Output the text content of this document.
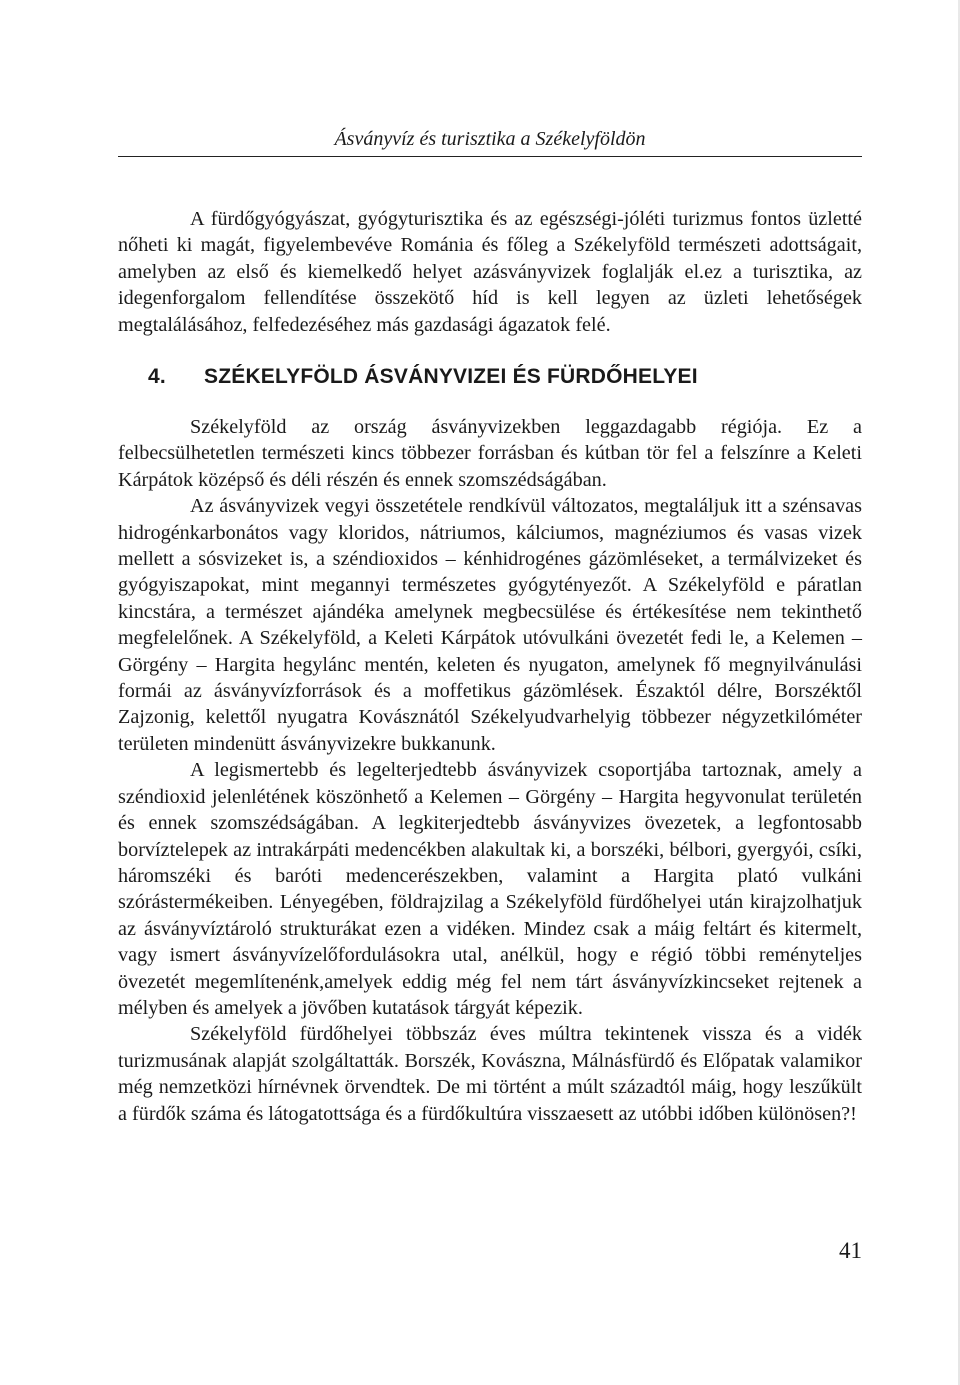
Ásványvíz és turisztika a Székelyföldön

A fürdőgyógyászat, gyógyturisztika és az egészségi-jóléti turizmus fontos üzletté nőheti ki magát, figyelembevéve Románia és főleg a Székelyföld természeti adottságait, amelyben az első és kiemelkedő helyet azásványvizek foglalják el.ez a turisztika, az idegenforgalom fellendítése összekötő híd is kell legyen az üzleti lehetőségek megtalálásához, felfedezéséhez más gazdasági ágazatok felé.

4. SZÉKELYFÖLD ÁSVÁNYVIZEI ÉS FÜRDŐHELYEI

Székelyföld az ország ásványvizekben leggazdagabb régiója. Ez a felbecsülhetetlen természeti kincs többezer forrásban és kútban tör fel a felszínre a Keleti Kárpátok középső és déli részén és ennek szomszédságában.

Az ásványvizek vegyi összetétele rendkívül változatos, megtaláljuk itt a szénsavas hidrogénkarbonátos vagy kloridos, nátriumos, kálciumos, magnéziumos és vasas vizek mellett a sósvizeket is, a széndioxidos – kénhidrogénes gázömléseket, a termálvizeket és gyógyiszapokat, mint megannyi természetes gyógytényezőt. A Székelyföld e páratlan kincstára, a természet ajándéka amelynek megbecsülése és értékesítése nem tekinthető megfelelőnek. A Székelyföld, a Keleti Kárpátok utóvulkáni övezetét fedi le, a Kelemen – Görgény – Hargita hegylánc mentén, keleten és nyugaton, amelynek fő megnyilvánulási formái az ásványvízforrások és a moffetikus gázömlések. Északtól délre, Borszéktől Zajzonig, kelettől nyugatra Kovásznától Székelyudvarhelyig többezer négyzetkilóméter területen mindenütt ásványvizekre bukkanunk.

A legismertebb és legelterjedtebb ásványvizek csoportjába tartoznak, amely a széndioxid jelenlétének köszönhető a Kelemen – Görgény – Hargita hegyvonulat területén és ennek szomszédságában. A legkiterjedtebb ásványvizes övezetek, a legfontosabb borvíztelepek az intrakárpáti medencékben alakultak ki, a borszéki, bélbori, gyergyói, csíki, háromszéki és baróti medencerészekben, valamint a Hargita plató vulkáni szórástermékeiben. Lényegében, földrajzilag a Székelyföld fürdőhelyei után kirajzolhatjuk az ásványvíztároló strukturákat ezen a vidéken. Mindez csak a máig feltárt és kitermelt, vagy ismert ásványvízelőfordulásokra utal, anélkül, hogy e régió többi reményteljes övezetét megemlítenénk,amelyek eddig még fel nem tárt ásványvízkincseket rejtenek a mélyben és amelyek a jövőben kutatások tárgyát képezik.

Székelyföld fürdőhelyei többszáz éves múltra tekintenek vissza és a vidék turizmusának alapját szolgáltatták. Borszék, Kovászna, Málnásfürdő és Előpatak valamikor még nemzetközi hírnévnek örvendtek. De mi történt a múlt századtól máig, hogy leszűkült a fürdők száma és látogatottsága és a fürdőkultúra visszaesett az utóbbi időben különösen?!

41
